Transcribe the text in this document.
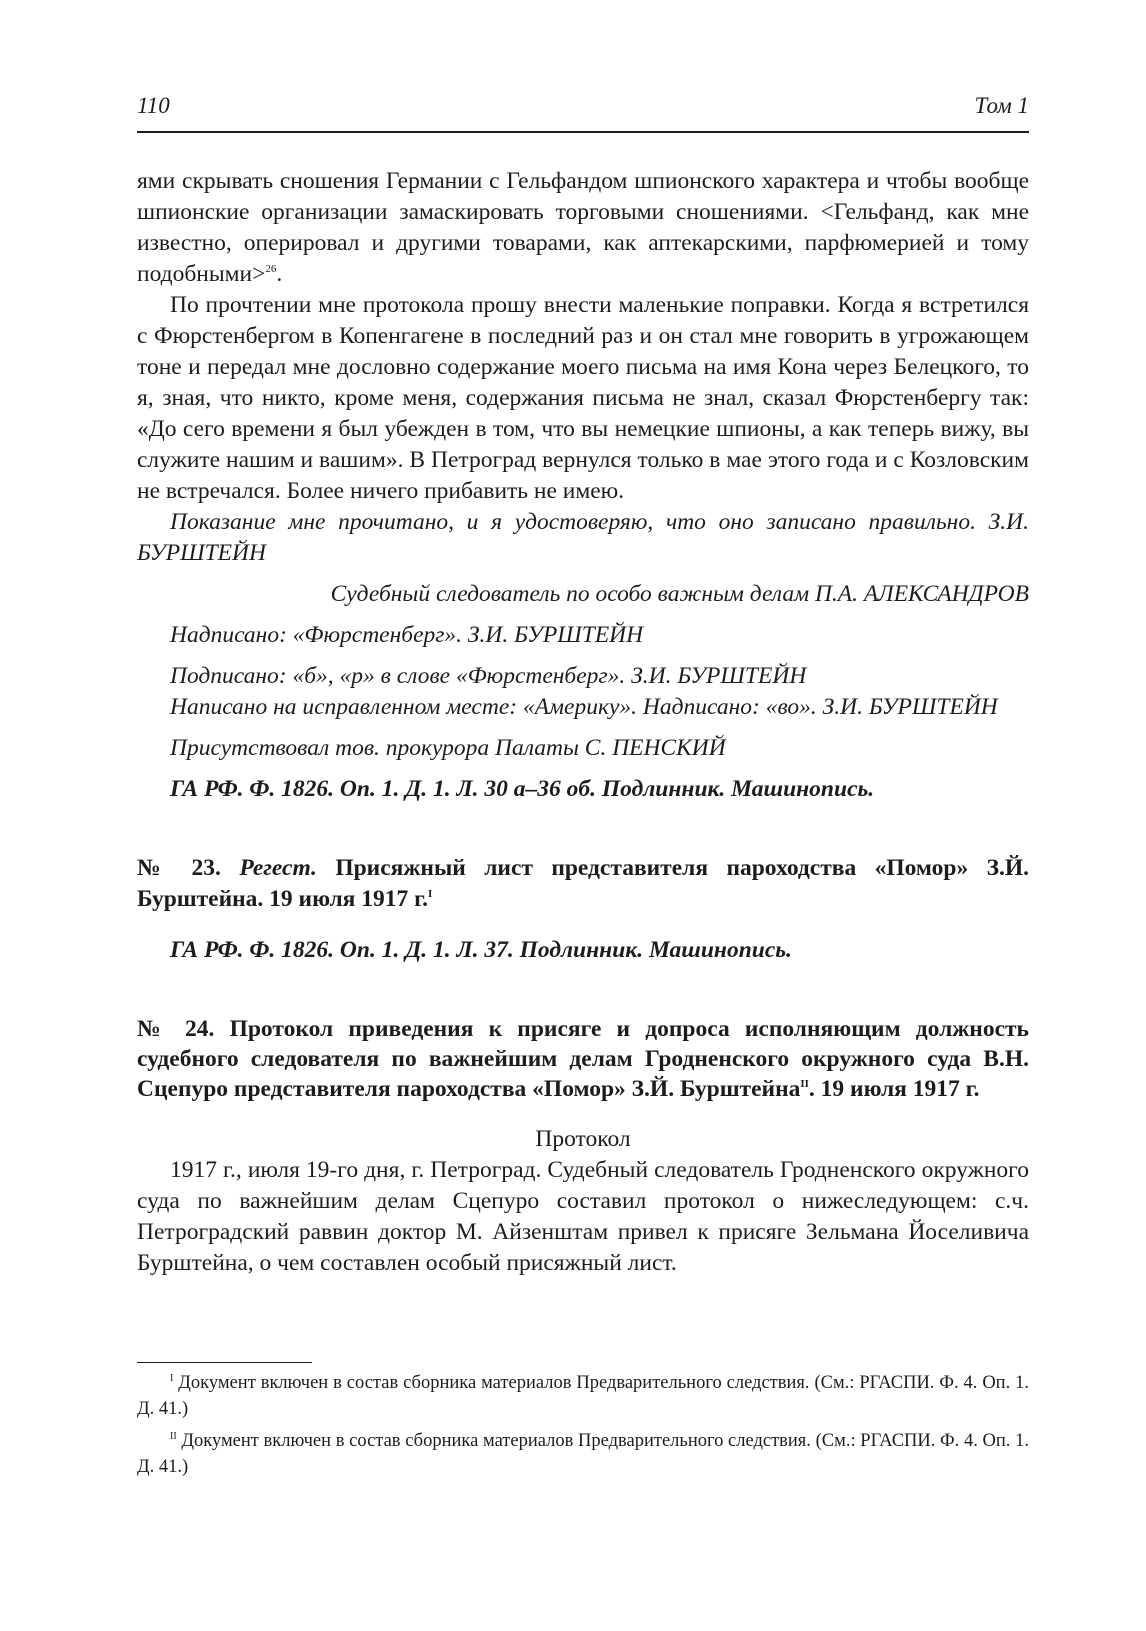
110	Том 1

ями скрывать сношения Германии с Гельфандом шпионского характера и чтобы вообще шпионские организации замаскировать торговыми сношениями. <Гельфанд, как мне известно, оперировал и другими товарами, как аптекарскими, парфюмерией и тому подобными>$^{26}$.

По прочтении мне протокола прошу внести маленькие поправки. Когда я встретился с Фюрстенбергом в Копенгагене в последний раз и он стал мне говорить в угрожающем тоне и передал мне дословно содержание моего письма на имя Кона через Белецкого, то я, зная, что никто, кроме меня, содержания письма не знал, сказал Фюрстенбергу так: «До сего времени я был убежден в том, что вы немецкие шпионы, а как теперь вижу, вы служите нашим и вашим». В Петроград вернулся только в мае этого года и с Козловским не встречался. Более ничего прибавить не имею.

Показание мне прочитано, и я удостоверяю, что оно записано правильно. З.И. БУРШТЕЙН

Судебный следователь по особо важным делам П.А. АЛЕКСАНДРОВ

Надписано: «Фюрстенберг». З.И. БУРШТЕЙН

Подписано: «б», «р» в слове «Фюрстенберг». З.И. БУРШТЕЙН

Написано на исправленном месте: «Америку». Надписано: «во». З.И. БУРШТЕЙН

Присутствовал тов. прокурора Палаты С. ПЕНСКИЙ

ГА РФ. Ф. 1826. Оп. 1. Д. 1. Л. 30 а–36 об. Подлинник. Машинопись.

№ 23. Регест. Присяжный лист представителя пароходства «Помор» З.Й. Бурштейна. 19 июля 1917 г.$^I$

ГА РФ. Ф. 1826. Оп. 1. Д. 1. Л. 37. Подлинник. Машинопись.

№ 24. Протокол приведения к присяге и допроса исполняющим должность судебного следователя по важнейшим делам Гродненского окружного суда В.Н. Сцепуро представителя пароходства «Помор» З.Й. Бурштейна$^{II}$. 19 июля 1917 г.

Протокол

1917 г., июля 19-го дня, г. Петроград. Судебный следователь Гродненского окружного суда по важнейшим делам Сцепуро составил протокол о нижеследующем: с.ч. Петроградский раввин доктор М. Айзенштам привел к присяге Зельмана Йоселивича Бурштейна, о чем составлен особый присяжный лист.

$^I$ Документ включен в состав сборника материалов Предварительного следствия. (См.: РГАСПИ. Ф. 4. Оп. 1. Д. 41.)

$^{II}$ Документ включен в состав сборника материалов Предварительного следствия. (См.: РГАСПИ. Ф. 4. Оп. 1. Д. 41.)
